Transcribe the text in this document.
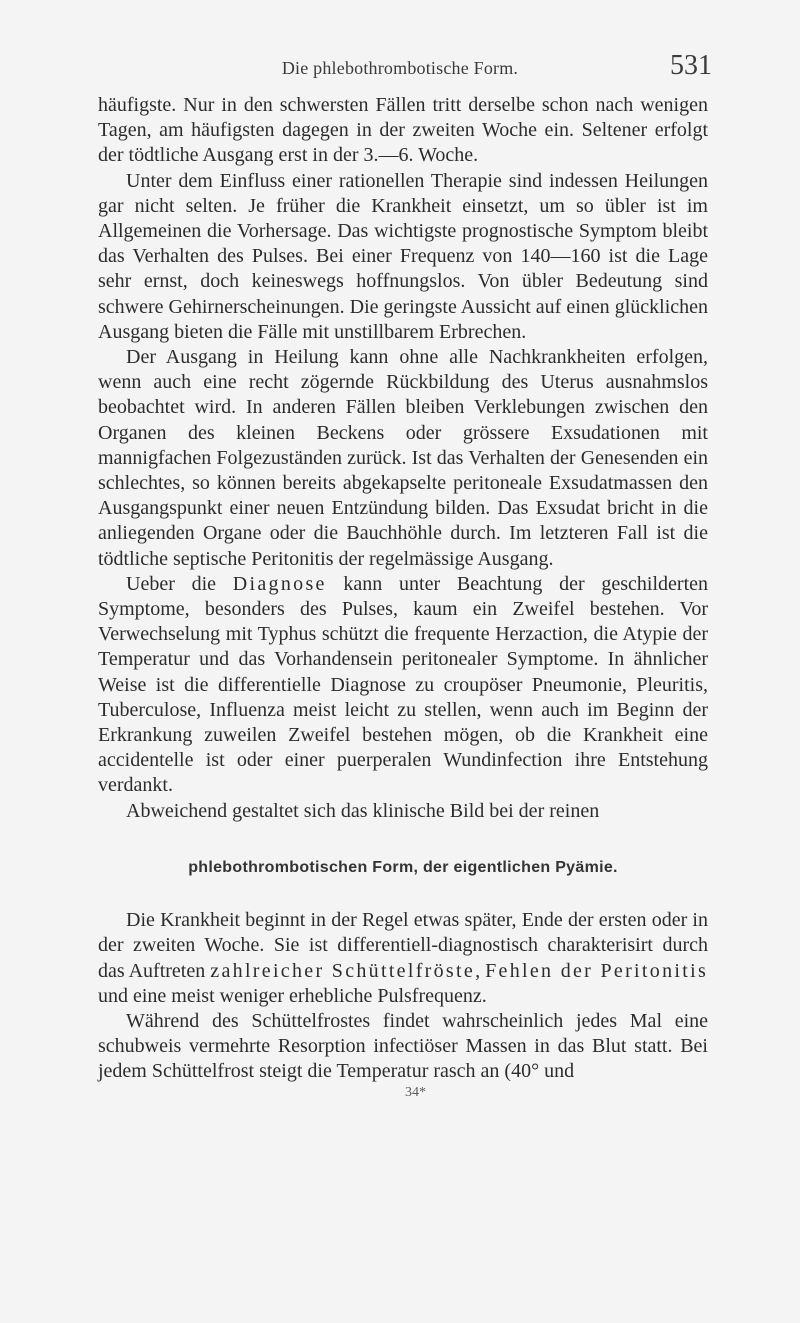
Die phlebothrombotische Form.	531

häufigste. Nur in den schwersten Fällen tritt derselbe schon nach wenigen Tagen, am häufigsten dagegen in der zweiten Woche ein. Seltener erfolgt der tödtliche Ausgang erst in der 3.—6. Woche.

Unter dem Einfluss einer rationellen Therapie sind indessen Heilungen gar nicht selten. Je früher die Krankheit einsetzt, um so übler ist im Allgemeinen die Vorhersage. Das wichtigste prognostische Symptom bleibt das Verhalten des Pulses. Bei einer Frequenz von 140—160 ist die Lage sehr ernst, doch keineswegs hoffnungslos. Von übler Bedeutung sind schwere Gehirnerscheinungen. Die geringste Aussicht auf einen glücklichen Ausgang bieten die Fälle mit unstillbarem Erbrechen.

Der Ausgang in Heilung kann ohne alle Nachkrankheiten erfolgen, wenn auch eine recht zögernde Rückbildung des Uterus ausnahmslos beobachtet wird. In anderen Fällen bleiben Verklebungen zwischen den Organen des kleinen Beckens oder grössere Exsudationen mit mannigfachen Folgezuständen zurück. Ist das Verhalten der Genesenden ein schlechtes, so können bereits abgekapselte peritoneale Exsudatmassen den Ausgangspunkt einer neuen Entzündung bilden. Das Exsudat bricht in die anliegenden Organe oder die Bauchhöhle durch. Im letzteren Fall ist die tödtliche septische Peritonitis der regelmässige Ausgang.

Ueber die Diagnose kann unter Beachtung der geschilderten Symptome, besonders des Pulses, kaum ein Zweifel bestehen. Vor Verwechselung mit Typhus schützt die frequente Herzaction, die Atypie der Temperatur und das Vorhandensein peritonealer Symptome. In ähnlicher Weise ist die differentielle Diagnose zu croupöser Pneumonie, Pleuritis, Tuberculose, Influenza meist leicht zu stellen, wenn auch im Beginn der Erkrankung zuweilen Zweifel bestehen mögen, ob die Krankheit eine accidentelle ist oder einer puerperalen Wundinfection ihre Entstehung verdankt.

Abweichend gestaltet sich das klinische Bild bei der reinen

phlebothrombotischen Form, der eigentlichen Pyämie.

Die Krankheit beginnt in der Regel etwas später, Ende der ersten oder in der zweiten Woche. Sie ist differentiell-diagnostisch charakterisirt durch das Auftreten zahlreicher Schüttelfröste, Fehlen der Peritonitis und eine meist weniger erhebliche Pulsfrequenz.

Während des Schüttelfrostes findet wahrscheinlich jedes Mal eine schubweis vermehrte Resorption infectiöser Massen in das Blut statt. Bei jedem Schüttelfrost steigt die Temperatur rasch an (40° und

34*
